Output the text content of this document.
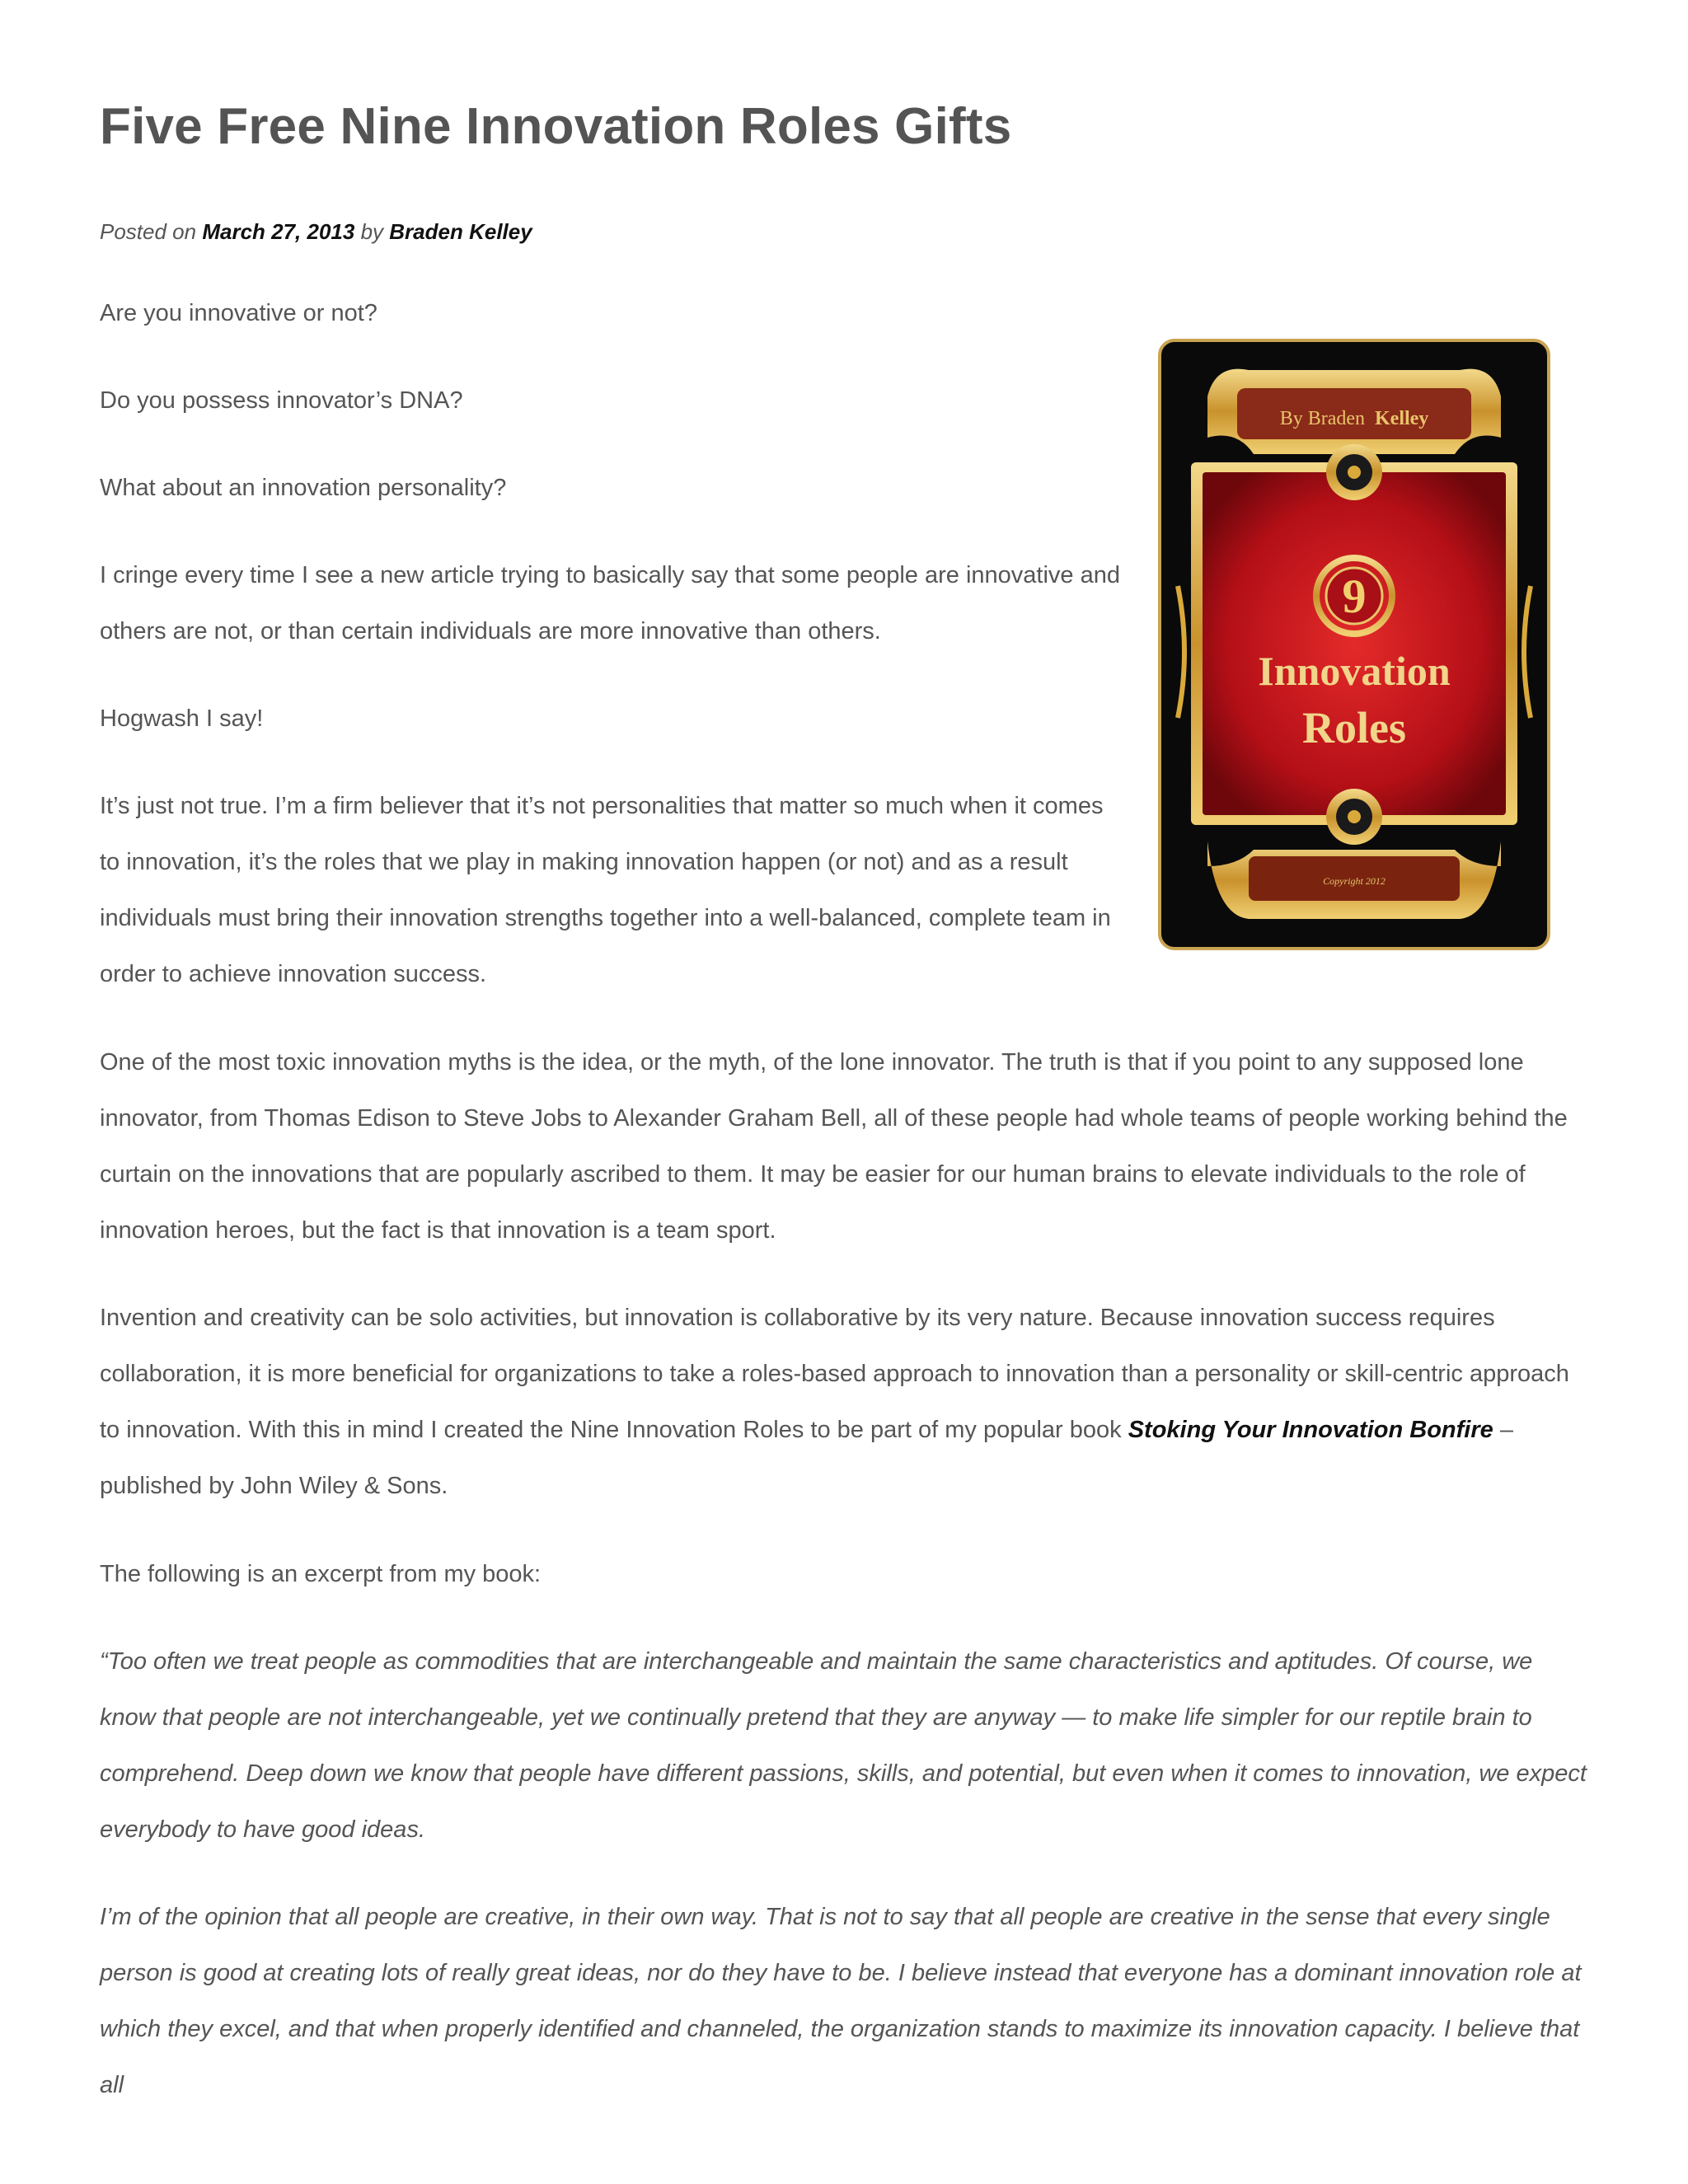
Five Free Nine Innovation Roles Gifts

Posted on March 27, 2013 by Braden Kelley

Are you innovative or not?

Do you possess innovator’s DNA?

What about an innovation personality?

I cringe every time I see a new article trying to basically say that some people are innovative and others are not, or than certain individuals are more innovative than others.

Hogwash I say!

It’s just not true. I’m a firm believer that it’s not personalities that matter so much when it comes to innovation, it’s the roles that we play in making innovation happen (or not) and as a result individuals must bring their innovation strengths together into a well-balanced, complete team in order to achieve innovation success.

One of the most toxic innovation myths is the idea, or the myth, of the lone innovator. The truth is that if you point to any supposed lone innovator, from Thomas Edison to Steve Jobs to Alexander Graham Bell, all of these people had whole teams of people working behind the curtain on the innovations that are popularly ascribed to them. It may be easier for our human brains to elevate individuals to the role of innovation heroes, but the fact is that innovation is a team sport.

Invention and creativity can be solo activities, but innovation is collaborative by its very nature. Because innovation success requires collaboration, it is more beneficial for organizations to take a roles-based approach to innovation than a personality or skill-centric approach to innovation. With this in mind I created the Nine Innovation Roles to be part of my popular book Stoking Your Innovation Bonfire – published by John Wiley & Sons.

The following is an excerpt from my book:

“Too often we treat people as commodities that are interchangeable and maintain the same characteristics and aptitudes. Of course, we know that people are not interchangeable, yet we continually pretend that they are anyway — to make life simpler for our reptile brain to comprehend. Deep down we know that people have different passions, skills, and potential, but even when it comes to innovation, we expect everybody to have good ideas.

I’m of the opinion that all people are creative, in their own way. That is not to say that all people are creative in the sense that every single person is good at creating lots of really great ideas, nor do they have to be. I believe instead that everyone has a dominant innovation role at which they excel, and that when properly identified and channeled, the organization stands to maximize its innovation capacity. I believe that all

By Braden Kelley
9
Innovation
Roles
Copyright 2012
